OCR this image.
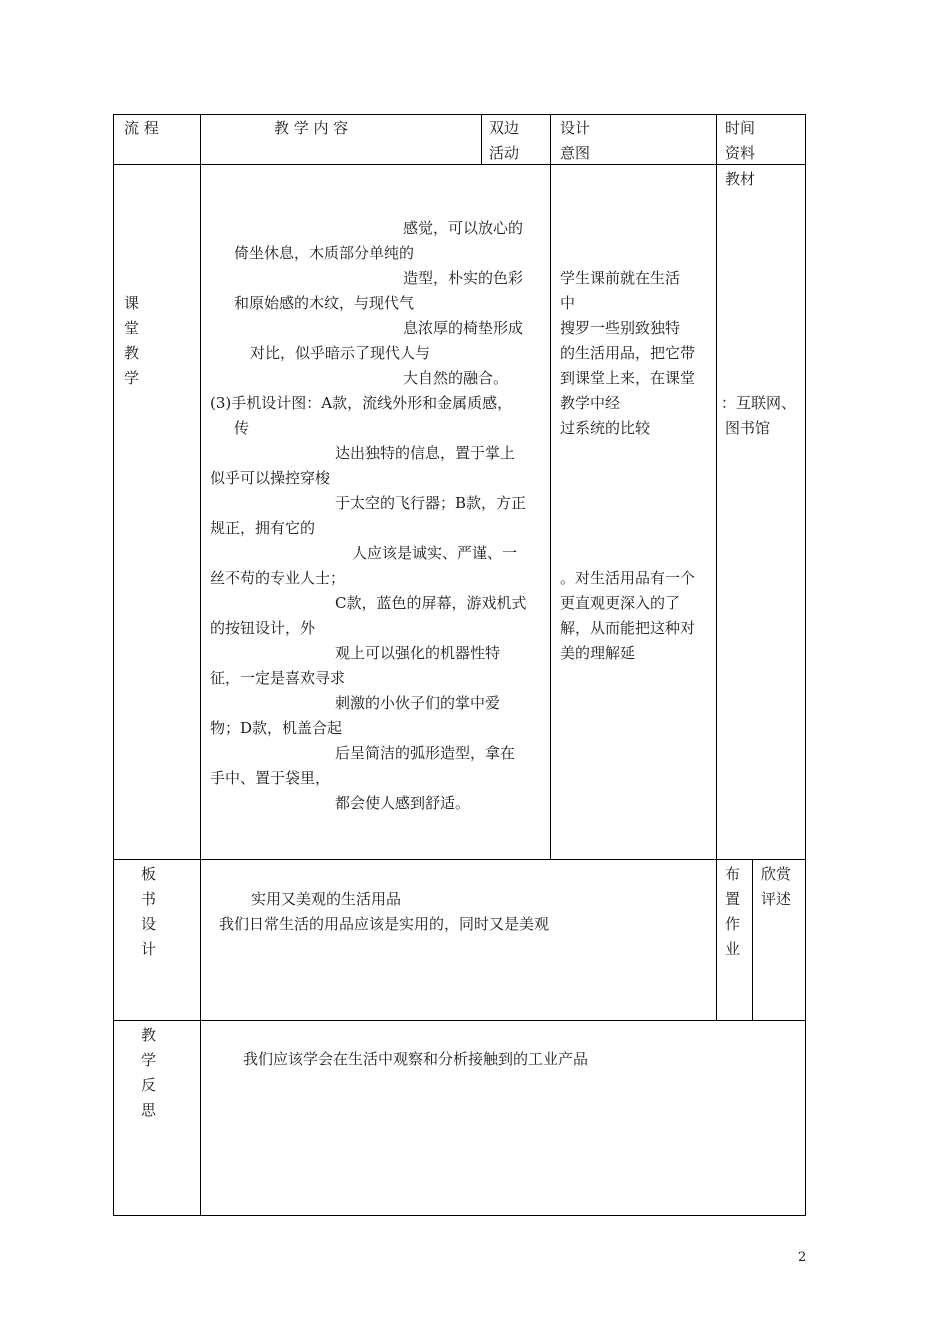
流 程	教 学 内 容	双边
活动
设计
意图
时间
资料
课
堂
教
学
感觉，可以放心的
倚坐休息，木质部分单纯的
造型，朴实的色彩
和原始感的木纹，与现代气
息浓厚的椅垫形成
对比，似乎暗示了现代人与
大自然的融合。
(3)手机设计图：A款，流线外形和金属质感，
传
达出独特的信息，置于掌上
似乎可以操控穿梭
于太空的飞行器；B款，方正
规正，拥有它的
人应该是诚实、严谨、一
丝不苟的专业人士；
C款，蓝色的屏幕，游戏机式
的按钮设计，外
观上可以强化的机器性特
征，一定是喜欢寻求
刺激的小伙子们的掌中爱
物；D款，机盖合起
后呈简洁的弧形造型，拿在
手中、置于袋里，
都会使人感到舒适。
学生课前就在生活
中
搜罗一些别致独特
的生活用品，把它带
到课堂上来，在课堂
教学中经
过系统的比较
。对生活用品有一个
更直观更深入的了
解，从而能把这种对
美的理解延
教材
：互联网、
图书馆
板
书
设
计
实用又美观的生活用品
我们日常生活的用品应该是实用的，同时又是美观
布
置
作
业
欣赏
评述
教
学
反
思
我们应该学会在生活中观察和分析接触到的工业产品
2
